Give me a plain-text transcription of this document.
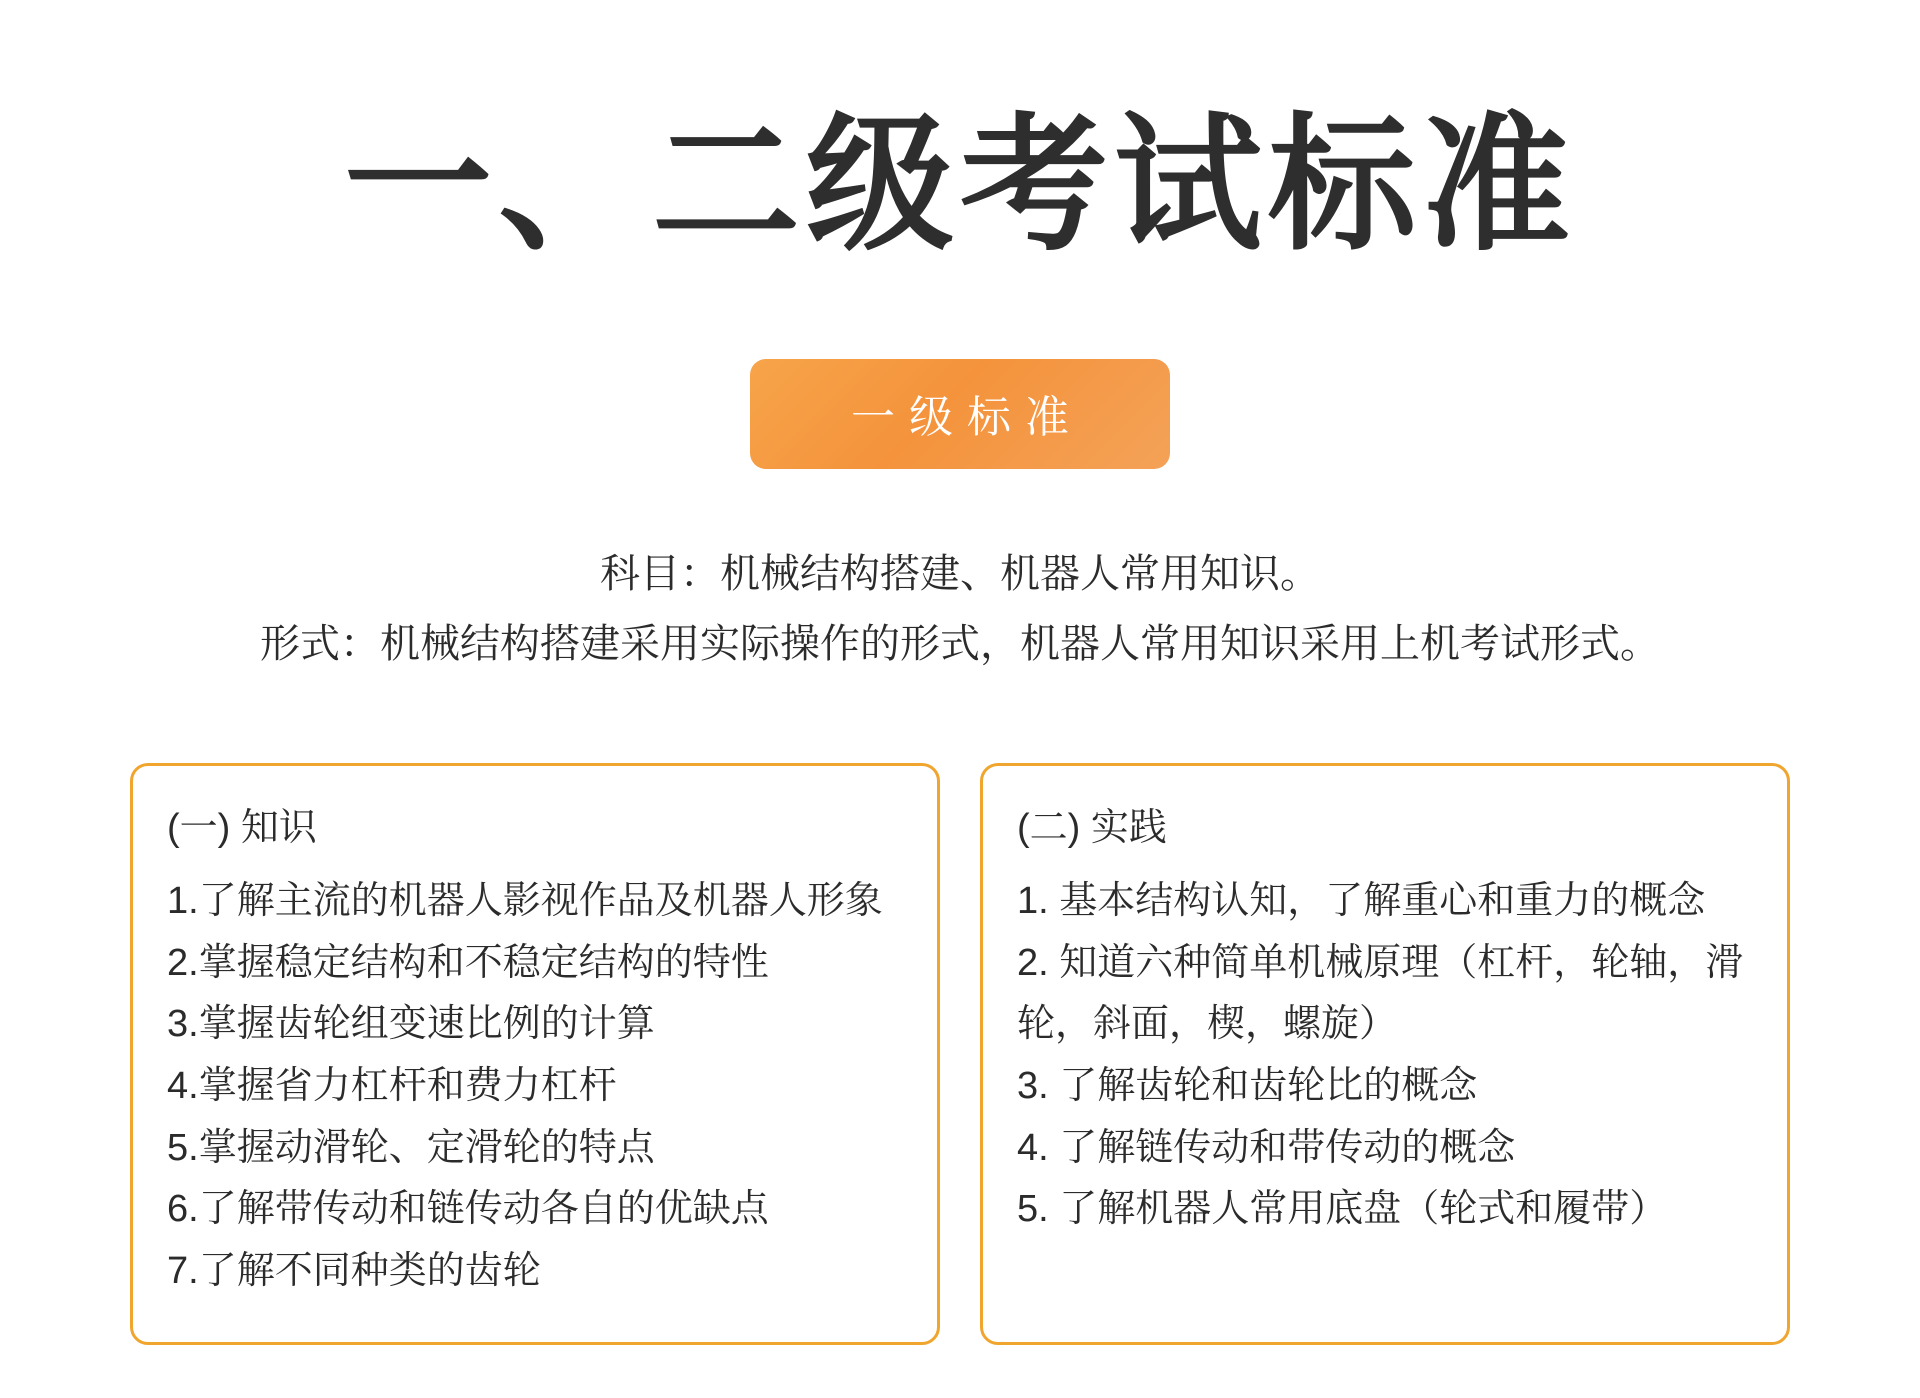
一、二级考试标准
一级标准
科目：机械结构搭建、机器人常用知识。
形式：机械结构搭建采用实际操作的形式，机器人常用知识采用上机考试形式。
(一) 知识
1.了解主流的机器人影视作品及机器人形象
2.掌握稳定结构和不稳定结构的特性
3.掌握齿轮组变速比例的计算
4.掌握省力杠杆和费力杠杆
5.掌握动滑轮、定滑轮的特点
6.了解带传动和链传动各自的优缺点
7.了解不同种类的齿轮
(二) 实践
1. 基本结构认知，了解重心和重力的概念
2. 知道六种简单机械原理（杠杆，轮轴，滑轮，斜面，楔，螺旋）
3. 了解齿轮和齿轮比的概念
4. 了解链传动和带传动的概念
5. 了解机器人常用底盘（轮式和履带）
